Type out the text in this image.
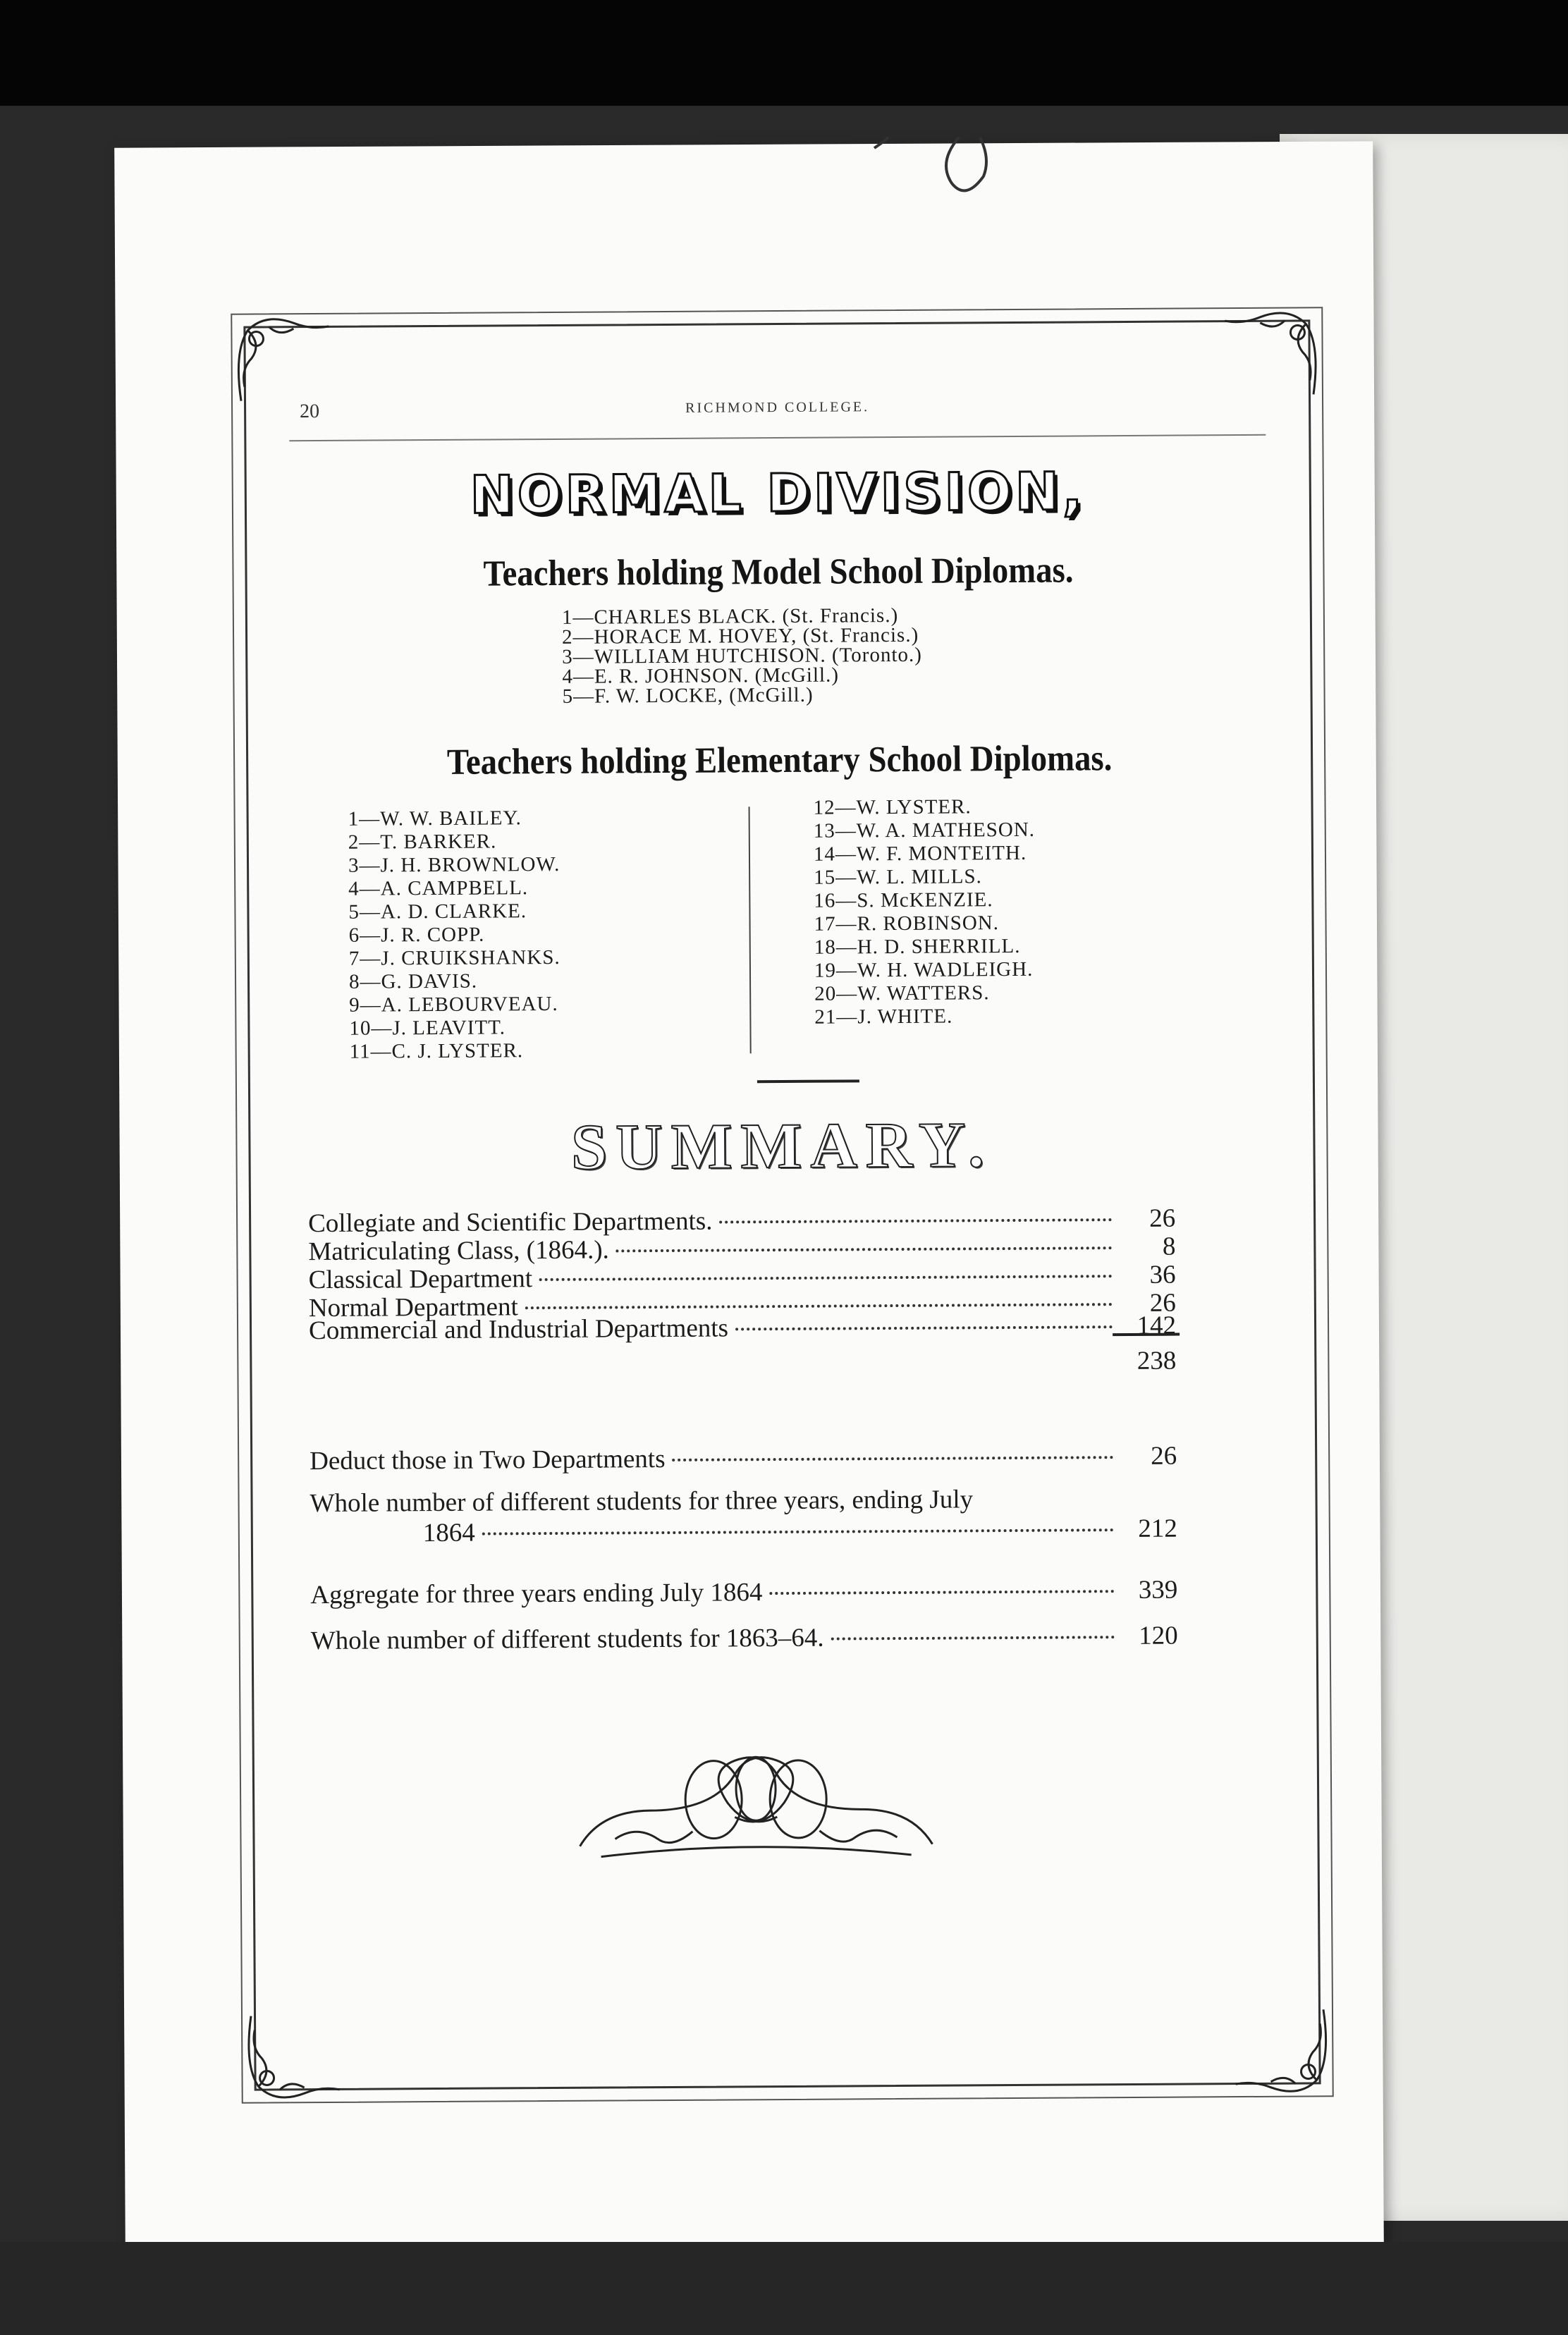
20	RICHMOND COLLEGE.
NORMAL DIVISION,
Teachers holding Model School Diplomas.
1—CHARLES BLACK. (St. Francis.)
2—HORACE M. HOVEY, (St. Francis.)
3—WILLIAM HUTCHISON. (Toronto.)
4—E. R. JOHNSON. (McGill.)
5—F. W. LOCKE, (McGill.)
Teachers holding Elementary School Diplomas.
1—W. W. BAILEY.
2—T. BARKER.
3—J. H. BROWNLOW.
4—A. CAMPBELL.
5—A. D. CLARKE.
6—J. R. COPP.
7—J. CRUIKSHANKS.
8—G. DAVIS.
9—A. LEBOURVEAU.
10—J. LEAVITT.
11—C. J. LYSTER.
12—W. LYSTER.
13—W. A. MATHESON.
14—W. F. MONTEITH.
15—W. L. MILLS.
16—S. McKENZIE.
17—R. ROBINSON.
18—H. D. SHERRILL.
19—W. H. WADLEIGH.
20—W. WATTERS.
21—J. WHITE.
SUMMARY.
Collegiate and Scientific Departments.	26
Matriculating Class, (1864.).	8
Classical Department	36
Normal Department	26
Commercial and Industrial Departments	142
238
Deduct those in Two Departments	26
Whole number of different students for three years, ending July
1864	212
Aggregate for three years ending July 1864	339
Whole number of different students for 1863–64.	120
